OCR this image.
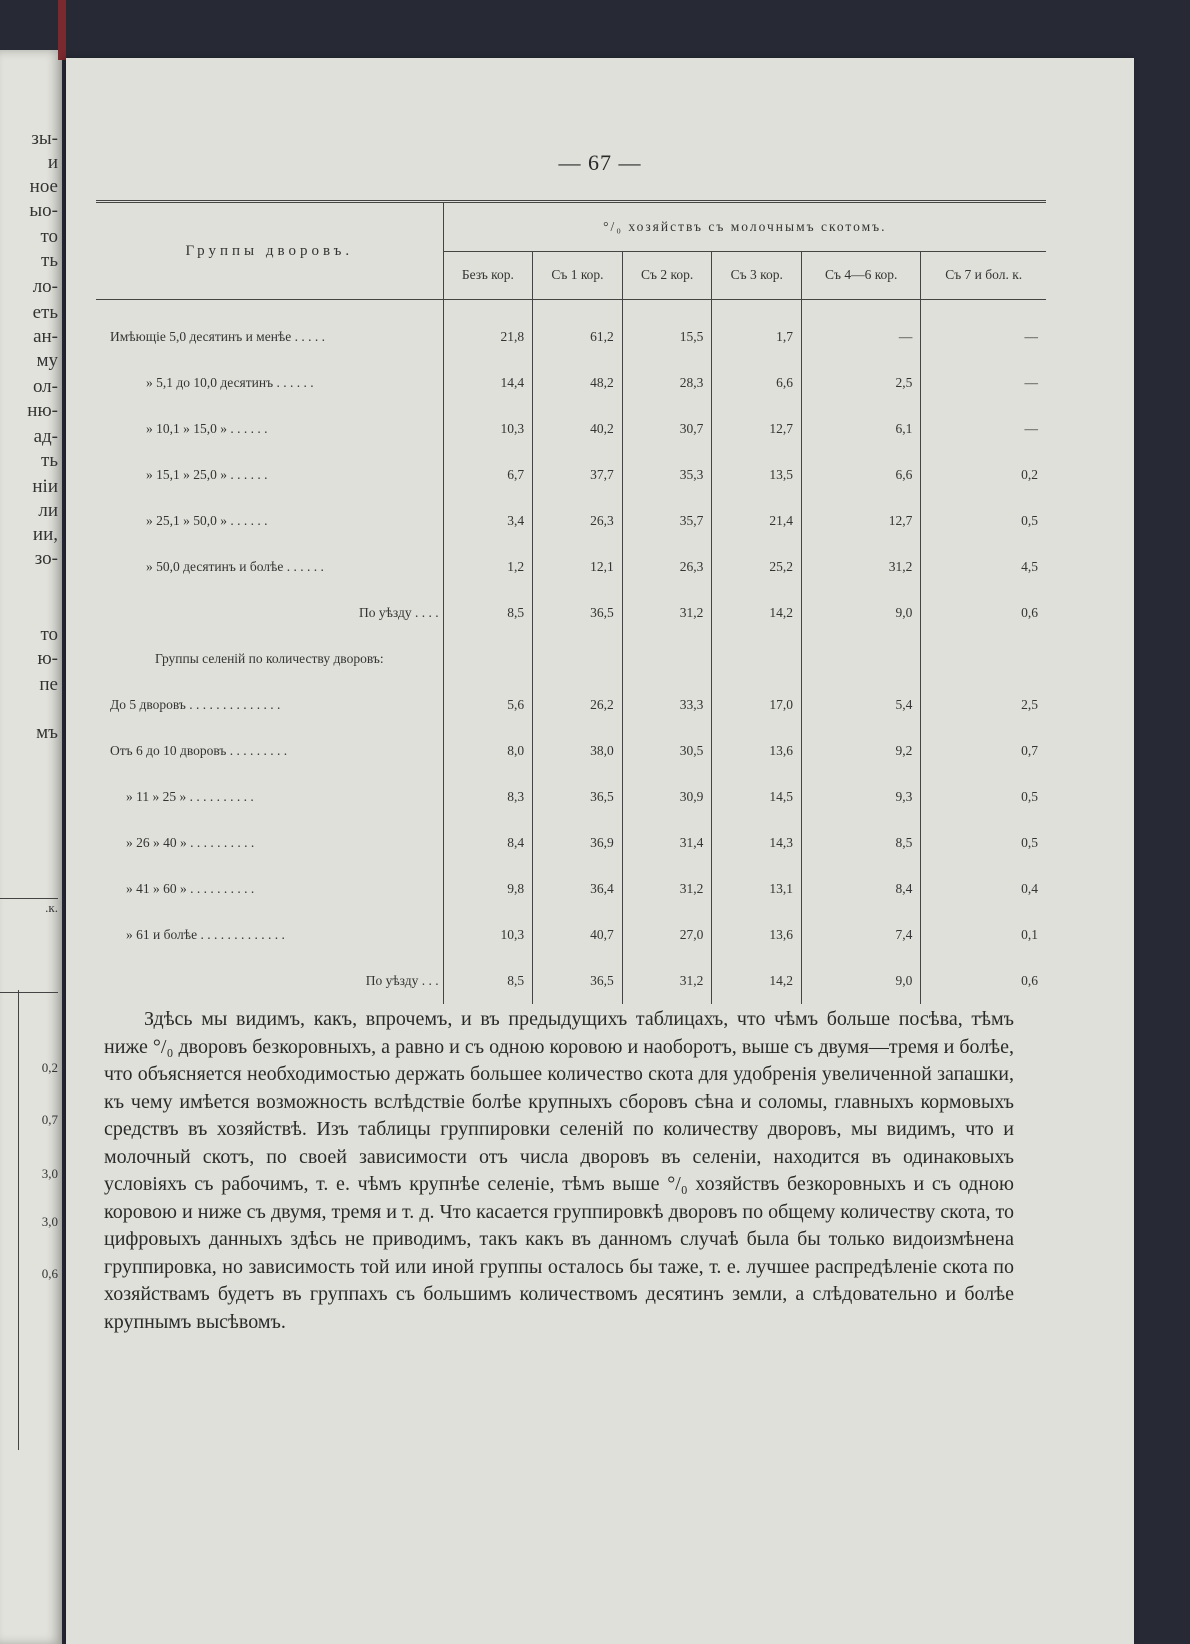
зы-
и
ное
ыо-
то
ть
ло-
еть
ан-
му
ол-
ню-
ад-
ть
ніи
ли
ии,
зо-
то
ю-
пе
мъ
.к.
0,2
0,7
3,0
3,0
0,6
— 67 —
Группы дворовъ.	°/₀ хозяйствъ съ молочнымъ скотомъ.					
	Безъ кор.	Съ 1 кор.	Съ 2 кор.	Съ 3 кор.	Съ 4—6 кор.	Съ 7 и бол. к.

Имѣющіе 5,0 десятинъ и менѣе . . . . .	21,8	61,2	15,5	1,7	—	—
» 5,1 до 10,0 десятинъ . . . . . .	14,4	48,2	28,3	6,6	2,5	—
» 10,1 » 15,0 » . . . . . .	10,3	40,2	30,7	12,7	6,1	—
» 15,1 » 25,0 » . . . . . .	6,7	37,7	35,3	13,5	6,6	0,2
» 25,1 » 50,0 » . . . . . .	3,4	26,3	35,7	21,4	12,7	0,5
» 50,0 десятинъ и болѣе . . . . . .	1,2	12,1	26,3	25,2	31,2	4,5
По уѣзду . . . .	8,5	36,5	31,2	14,2	9,0	0,6
Группы селеній по количеству дворовъ:						
До 5 дворовъ . . . . . . . . . . . . . .	5,6	26,2	33,3	17,0	5,4	2,5
Отъ 6 до 10 дворовъ . . . . . . . . .	8,0	38,0	30,5	13,6	9,2	0,7
» 11 » 25 » . . . . . . . . . .	8,3	36,5	30,9	14,5	9,3	0,5
» 26 » 40 » . . . . . . . . . .	8,4	36,9	31,4	14,3	8,5	0,5
» 41 » 60 » . . . . . . . . . .	9,8	36,4	31,2	13,1	8,4	0,4
» 61 и болѣе . . . . . . . . . . . . .	10,3	40,7	27,0	13,6	7,4	0,1
По уѣзду . . .	8,5	36,5	31,2	14,2	9,0	0,6

Здѣсь мы видимъ, какъ, впрочемъ, и въ предыдущихъ таблицахъ, что чѣмъ больше посѣва, тѣмъ ниже °/₀ дворовъ безкоровныхъ, а равно и съ одною коровою и наоборотъ, выше съ двумя—тремя и болѣе, что объясняется необходимостью держать большее количество скота для удобренія увеличенной запашки, къ чему имѣется возможность вслѣдствіе болѣе крупныхъ сборовъ сѣна и соломы, главныхъ кормовыхъ средствъ въ хозяйствѣ. Изъ таблицы группировки селеній по количеству дворовъ, мы видимъ, что и молочный скотъ, по своей зависимости отъ числа дворовъ въ селеніи, находится въ одинаковыхъ условіяхъ съ рабочимъ, т. е. чѣмъ крупнѣе селеніе, тѣмъ выше °/₀ хозяйствъ безкоровныхъ и съ одною коровою и ниже съ двумя, тремя и т. д. Что касается группировкѣ дворовъ по общему количеству скота, то цифровыхъ данныхъ здѣсь не приводимъ, такъ какъ въ данномъ случаѣ была бы только видоизмѣнена группировка, но зависимость той или иной группы осталось бы таже, т. е. лучшее распредѣленіе скота по хозяйствамъ будетъ въ группахъ съ большимъ количествомъ десятинъ земли, а слѣдовательно и болѣе крупнымъ высѣвомъ.
